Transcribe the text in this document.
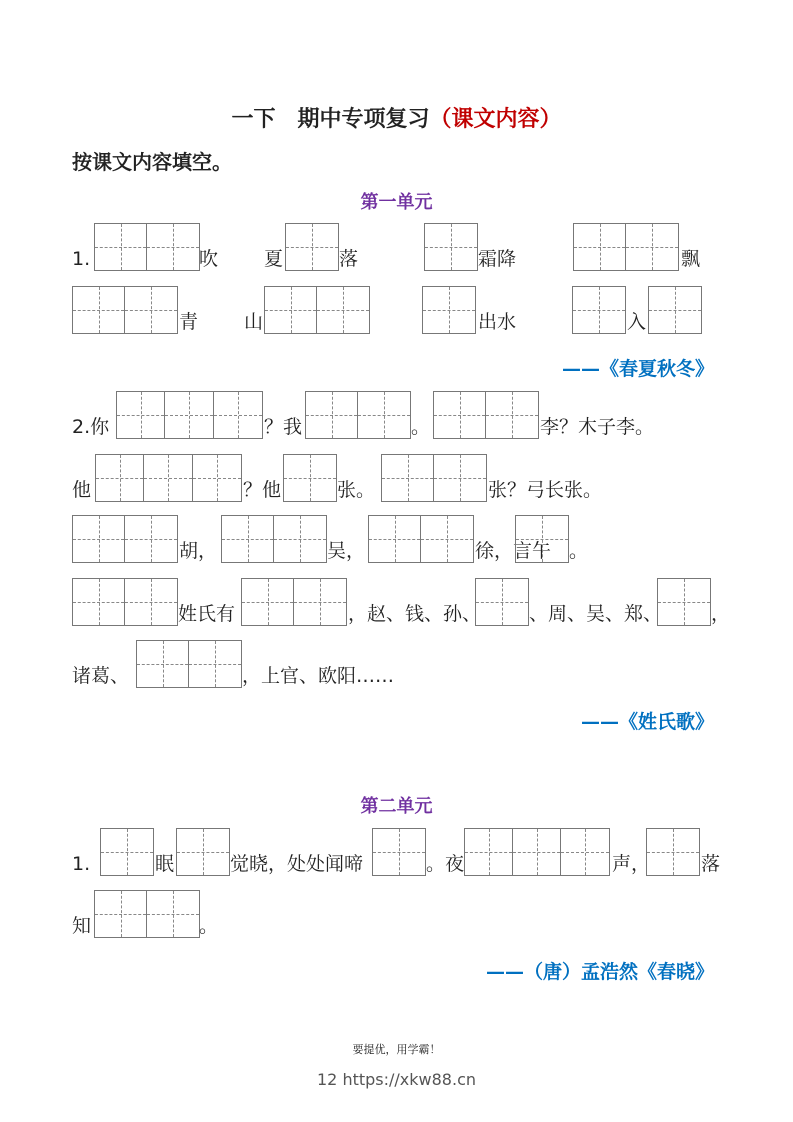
一下　期中专项复习（课文内容）
按课文内容填空。
第一单元
1.	吹 夏	落	霜降	飘
青 山	出水	入
——《春夏秋冬》
2.你	？我	。	李？木子李。
他	？他	张。	张？弓长张。
胡，	吴，	徐，言午 。
姓氏有	，赵、钱、孙、	、周、吴、郑、	，
诸葛、	，上官、欧阳……
——《姓氏歌》
第二单元
1.	眠	觉晓，处处闻啼	。夜	声，	落
知	。
——（唐）孟浩然《春晓》
要提优，用学霸！
12 https://xkw88.cn
